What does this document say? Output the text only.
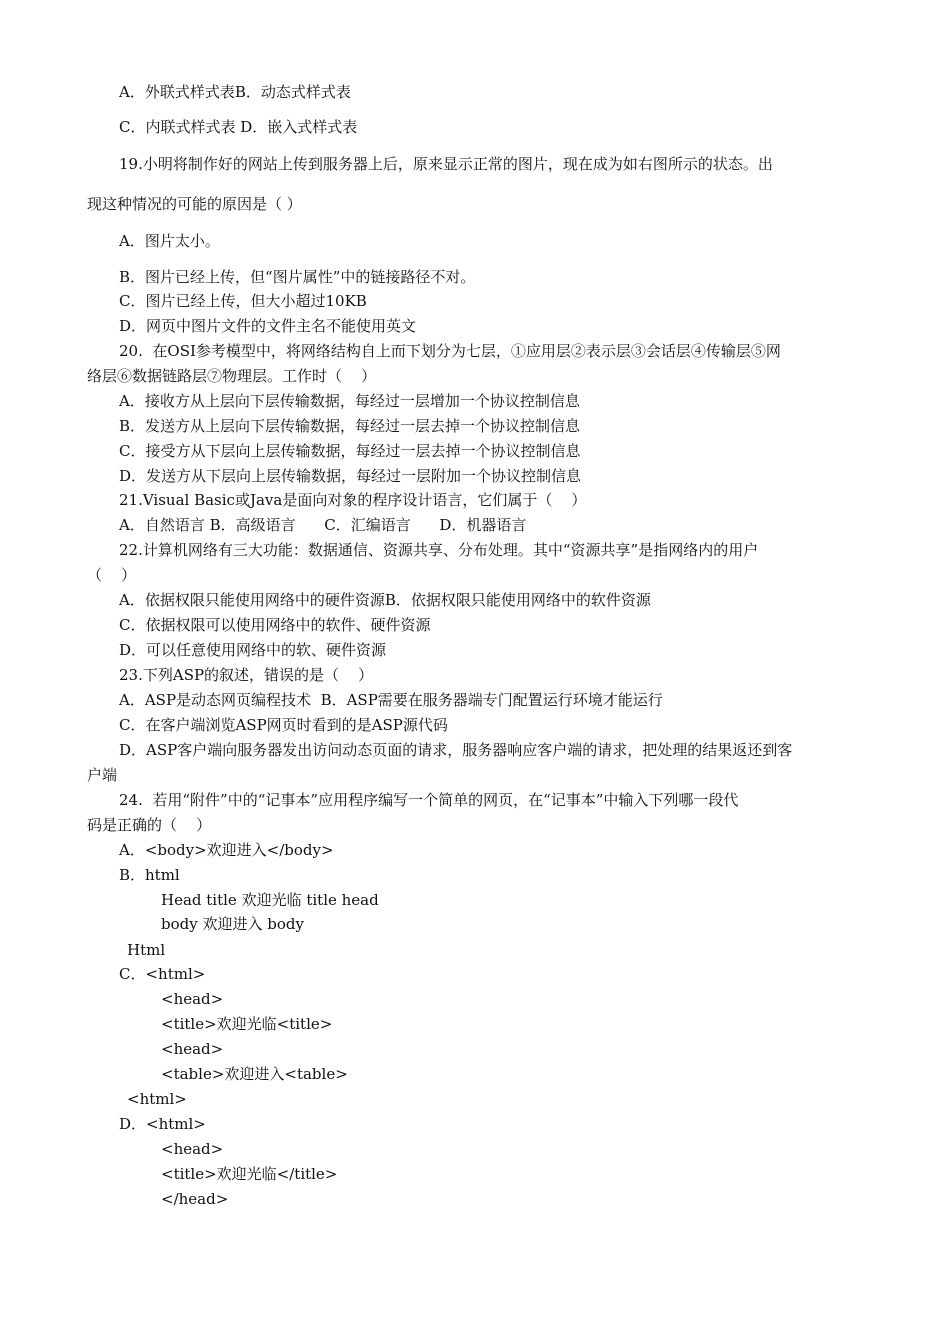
A．外联式样式表B．动态式样式表
C．内联式样式表 D．嵌入式样式表
19.小明将制作好的网站上传到服务器上后，原来显示正常的图片，现在成为如右图所示的状态。出
现这种情况的可能的原因是（ ）
A．图片太小。
B．图片已经上传，但“图片属性”中的链接路径不对。
C．图片已经上传，但大小超过10KB
D．网页中图片文件的文件主名不能使用英文
20.  在OSI参考模型中，将网络结构自上而下划分为七层，①应用层②表示层③会话层④传输层⑤网
络层⑥数据链路层⑦物理层。工作时（    ）
A．接收方从上层向下层传输数据，每经过一层增加一个协议控制信息
B．发送方从上层向下层传输数据，每经过一层去掉一个协议控制信息
C．接受方从下层向上层传输数据，每经过一层去掉一个协议控制信息
D．发送方从下层向上层传输数据，每经过一层附加一个协议控制信息
21.Visual Basic或Java是面向对象的程序设计语言，它们属于（    ）
A．自然语言 B．高级语言      C．汇编语言      D．机器语言
22.计算机网络有三大功能：数据通信、资源共享、分布处理。其中“资源共享”是指网络内的用户
（    ）
A．依据权限只能使用网络中的硬件资源B．依据权限只能使用网络中的软件资源
C．依据权限可以使用网络中的软件、硬件资源
D．可以任意使用网络中的软、硬件资源
23.下列ASP的叙述，错误的是（    ）
A．ASP是动态网页编程技术  B．ASP需要在服务器端专门配置运行环境才能运行
C．在客户端浏览ASP网页时看到的是ASP源代码
D．ASP客户端向服务器发出访问动态页面的请求，服务器响应客户端的请求，把处理的结果返还到客
户端
24.  若用“附件”中的“记事本”应用程序编写一个简单的网页，在“记事本”中输入下列哪一段代
码是正确的（    ）
A．<body>欢迎进入</body>
B．html
Head title 欢迎光临 title head
body 欢迎进入 body
Html
C．<html>
<head>
<title>欢迎光临<title>
<head>
<table>欢迎进入<table>
<html>
D．<html>
<head>
<title>欢迎光临</title>
</head>
